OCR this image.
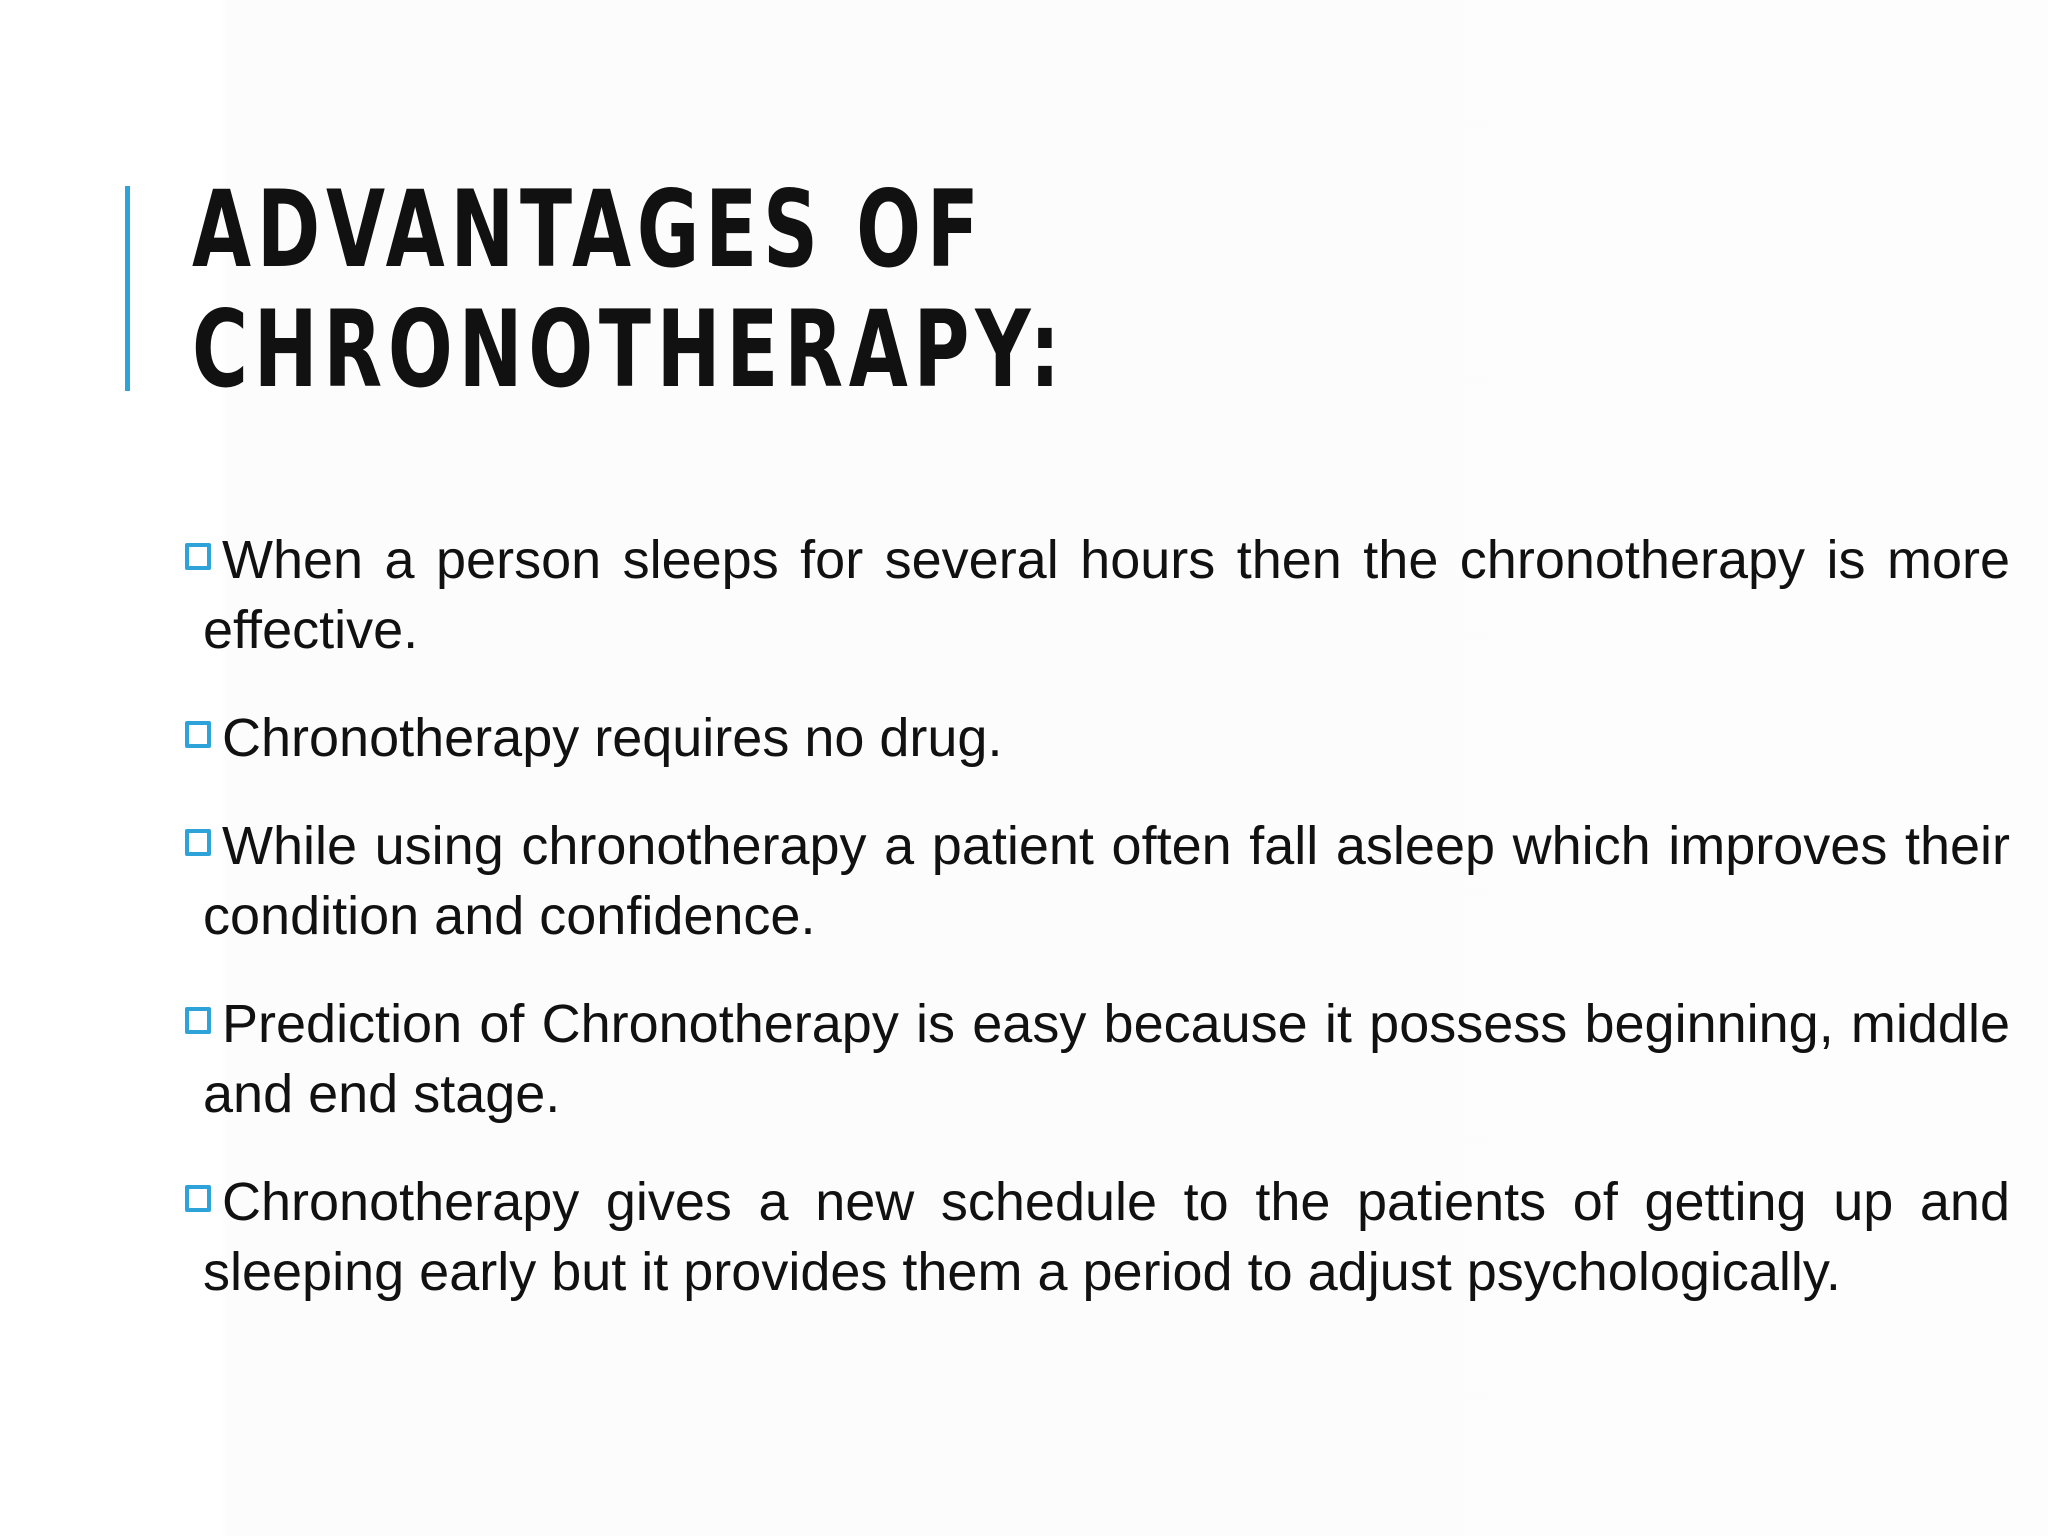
ADVANTAGES OF
CHRONOTHERAPY:
When a person sleeps for several hours then the chronotherapy is more effective.
Chronotherapy requires no drug.
While using chronotherapy a patient often fall asleep which improves their condition and confidence.
Prediction of Chronotherapy is easy because it possess beginning, middle and end stage.
Chronotherapy gives a new schedule to the patients of getting up and sleeping early but it provides them a period to adjust psychologically.
